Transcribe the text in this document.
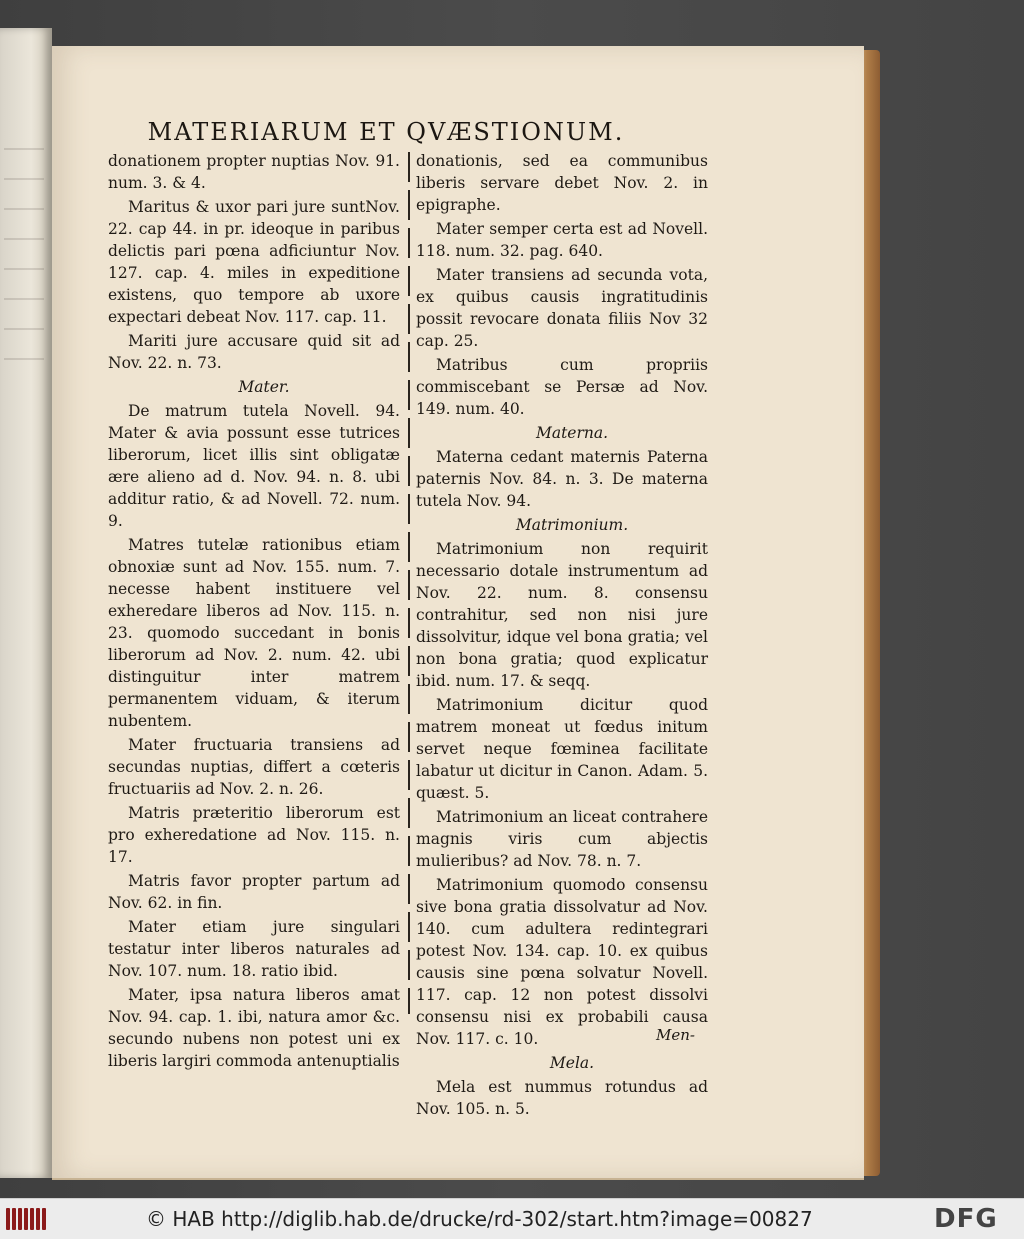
MATERIARUM ET QVÆSTIONUM.

donationem propter nuptias Nov. 91. num. 3. & 4.

Maritus & uxor pari jure suntNov. 22. cap 44. in pr. ideoque in paribus delictis pari pœna adficiuntur Nov. 127. cap. 4. miles in expeditione existens, quo tempore ab uxore expectari debeat Nov. 117. cap. 11.

Mariti jure accusare quid sit ad Nov. 22. n. 73.

Mater.

De matrum tutela Novell. 94. Mater & avia possunt esse tutrices liberorum, licet illis sint obligatæ ære alieno ad d. Nov. 94. n. 8. ubi additur ratio, & ad Novell. 72. num. 9.

Matres tutelæ rationibus etiam obnoxiæ sunt ad Nov. 155. num. 7. necesse habent instituere vel exheredare liberos ad Nov. 115. n. 23. quomodo succedant in bonis liberorum ad Nov. 2. num. 42. ubi distinguitur inter matrem permanentem viduam, & iterum nubentem.

Mater fructuaria transiens ad secundas nuptias, differt a cœteris fructuariis ad Nov. 2. n. 26.

Matris præteritio liberorum est pro exheredatione ad Nov. 115. n. 17.

Matris favor propter partum ad Nov. 62. in fin.

Mater etiam jure singulari testatur inter liberos naturales ad Nov. 107. num. 18. ratio ibid.

Mater, ipsa natura liberos amat Nov. 94. cap. 1. ibi, natura amor &c. secundo nubens non potest uni ex liberis largiri commoda antenuptialis

donationis, sed ea communibus liberis servare debet Nov. 2. in epigraphe.

Mater semper certa est ad Novell. 118. num. 32. pag. 640.

Mater transiens ad secunda vota, ex quibus causis ingratitudinis possit revocare donata filiis Nov 32 cap. 25.

Matribus cum propriis commiscebant se Persæ ad Nov. 149. num. 40.

Materna.

Materna cedant maternis Paterna paternis Nov. 84. n. 3. De materna tutela Nov. 94.

Matrimonium.

Matrimonium non requirit necessario dotale instrumentum ad Nov. 22. num. 8. consensu contrahitur, sed non nisi jure dissolvitur, idque vel bona gratia; vel non bona gratia; quod explicatur ibid. num. 17. & seqq.

Matrimonium dicitur quod matrem moneat ut fœdus initum servet neque fœminea facilitate labatur ut dicitur in Canon. Adam. 5. quæst. 5.

Matrimonium an liceat contrahere magnis viris cum abjectis mulieribus? ad Nov. 78. n. 7.

Matrimonium quomodo consensu sive bona gratia dissolvatur ad Nov. 140. cum adultera redintegrari potest Nov. 134. cap. 10. ex quibus causis sine pœna solvatur Novell. 117. cap. 12 non potest dissolvi consensu nisi ex probabili causa Nov. 117. c. 10.

Mela.

Mela est nummus rotundus ad Nov. 105. n. 5.

Men-
© HAB http://diglib.hab.de/drucke/rd-302/start.htm?image=00827	DFG
